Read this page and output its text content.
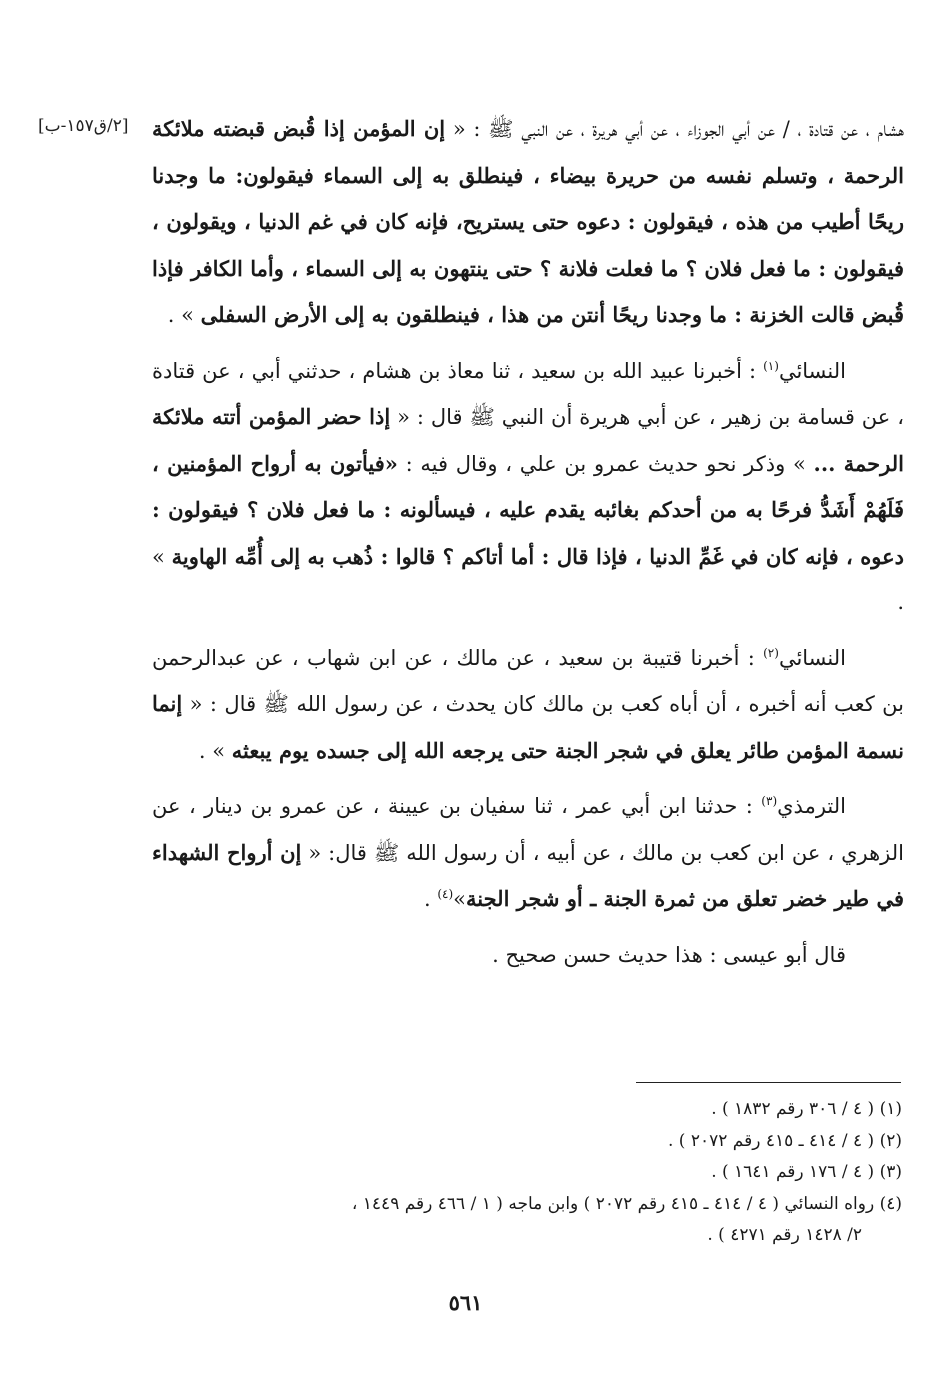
[٢/ق١٥٧-ب]	هشام ، عن قتادة ، / عن أبي الجوزاء ، عن أبي هريرة ، عن النبي ﷺ : « إن المؤمن إذا قُبض قبضته ملائكة الرحمة ، وتسلم نفسه من حريرة بيضاء ، فينطلق به إلى السماء فيقولون: ما وجدنا ريحًا أطيب من هذه ، فيقولون : دعوه حتى يستريح، فإنه كان في غم الدنيا ، ويقولون ، فيقولون : ما فعل فلان ؟ ما فعلت فلانة ؟ حتى ينتهون به إلى السماء ، وأما الكافر فإذا قُبض قالت الخزنة : ما وجدنا ريحًا أنتن من هذا ، فينطلقون به إلى الأرض السفلى » .

النسائي$^{(١)}$ : أخبرنا عبيد الله بن سعيد ، ثنا معاذ بن هشام ، حدثني أبي ، عن قتادة ، عن قسامة بن زهير ، عن أبي هريرة أن النبي ﷺ قال : « إذا حضر المؤمن أتته ملائكة الرحمة ... » وذكر نحو حديث عمرو بن علي ، وقال فيه : «فيأتون به أرواح المؤمنين ، فَلَهُمْ أَشَدُّ فرحًا به من أحدكم بغائبه يقدم عليه ، فيسألونه : ما فعل فلان ؟ فيقولون : دعوه ، فإنه كان في غَمِّ الدنيا ، فإذا قال : أما أتاكم ؟ قالوا : ذُهب به إلى أُمِّه الهاوية » .

النسائي$^{(٢)}$ : أخبرنا قتيبة بن سعيد ، عن مالك ، عن ابن شهاب ، عن عبدالرحمن بن كعب أنه أخبره ، أن أباه كعب بن مالك كان يحدث ، عن رسول الله ﷺ قال : « إنما نسمة المؤمن طائر يعلق في شجر الجنة حتى يرجعه الله إلى جسده يوم يبعثه » .

الترمذي$^{(٣)}$ : حدثنا ابن أبي عمر ، ثنا سفيان بن عيينة ، عن عمرو بن دينار ، عن الزهري ، عن ابن كعب بن مالك ، عن أبيه ، أن رسول الله ﷺ قال: « إن أرواح الشهداء في طير خضر تعلق من ثمرة الجنة ـ أو شجر الجنة»$^{(٤)}$ .

قال أبو عيسى : هذا حديث حسن صحيح .

(١) ( ٤ / ٣٠٦ رقم ١٨٣٢ ) .
(٢) ( ٤ / ٤١٤ ـ ٤١٥ رقم ٢٠٧٢ ) .
(٣) ( ٤ / ١٧٦ رقم ١٦٤١ ) .
(٤) رواه النسائي ( ٤ / ٤١٤ ـ ٤١٥ رقم ٢٠٧٢ ) وابن ماجه ( ١ / ٤٦٦ رقم ١٤٤٩ ،
٢/ ١٤٢٨ رقم ٤٢٧١ ) .
٥٦١
